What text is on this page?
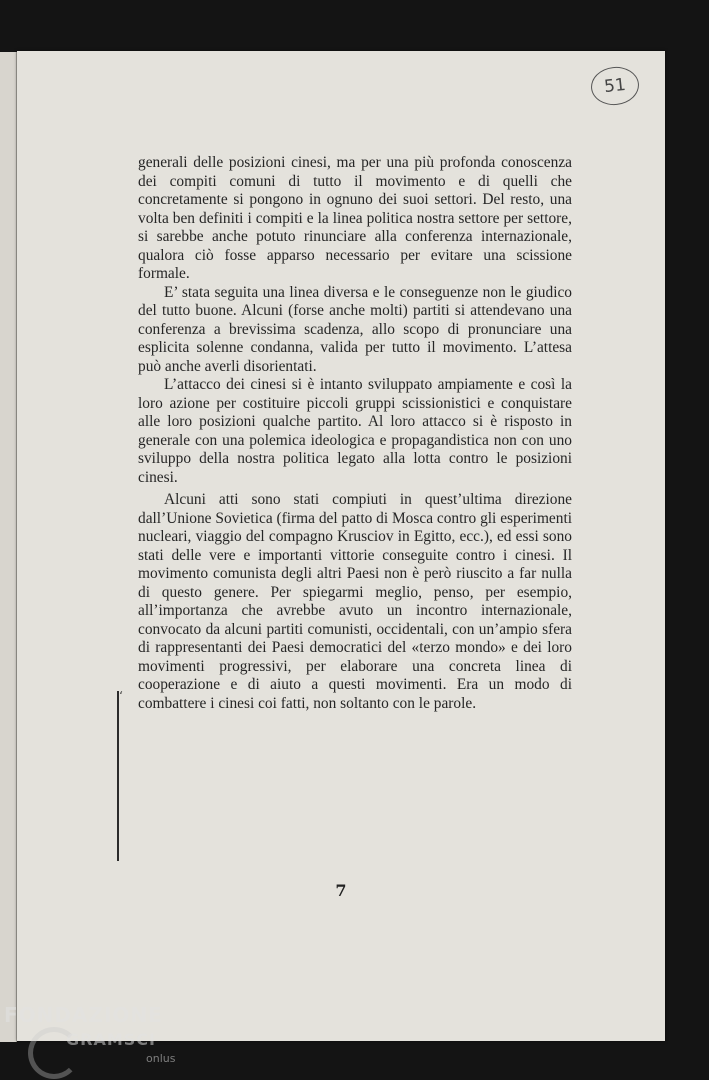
51

generali delle posizioni cinesi, ma per una più profonda conoscenza dei compiti comuni di tutto il movimento e di quelli che concretamente si pongono in ognuno dei suoi settori. Del resto, una volta ben definiti i compiti e la linea politica nostra settore per settore, si sarebbe anche potuto rinunciare alla conferenza internazionale, qualora ciò fosse apparso necessario per evitare una scissione formale.

E’ stata seguita una linea diversa e le conseguenze non le giudico del tutto buone. Alcuni (forse anche molti) partiti si attendevano una conferenza a brevissima scadenza, allo scopo di pronunciare una esplicita solenne condanna, valida per tutto il movimento. L’attesa può anche averli disorientati.

L’attacco dei cinesi si è intanto sviluppato ampiamente e così la loro azione per costituire piccoli gruppi scissionistici e conquistare alle loro posizioni qualche partito. Al loro attacco si è risposto in generale con una polemica ideologica e propagandistica non con uno sviluppo della nostra politica legato alla lotta contro le posizioni cinesi.

Alcuni atti sono stati compiuti in quest’ultima direzione dall’Unione Sovietica (firma del patto di Mosca contro gli esperimenti nucleari, viaggio del compagno Krusciov in Egitto, ecc.), ed essi sono stati delle vere e importanti vittorie conseguite contro i cinesi. Il movimento comunista degli altri Paesi non è però riuscito a far nulla di questo genere. Per spiegarmi meglio, penso, per esempio, all’importanza che avrebbe avuto un incontro internazionale, convocato da alcuni partiti comunisti, occidentali, con un’ampio sfera di rappresentanti dei Paesi democratici del «terzo mondo» e dei loro movimenti progressivi, per elaborare una concreta linea di cooperazione e di aiuto a questi movimenti. Era un modo di combattere i cinesi coi fatti, non soltanto con le parole.

ʻ
7
FONDAZIONE
GRAMSCI
onlus
